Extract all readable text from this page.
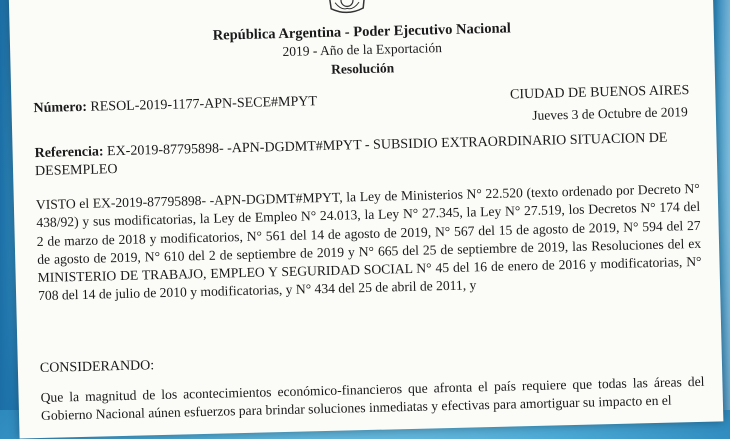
República Argentina - Poder Ejecutivo Nacional
2019 - Año de la Exportación
Resolución
Número: RESOL-2019-1177-APN-SECE#MPYT
CIUDAD DE BUENOS AIRES
Jueves 3 de Octubre de 2019
Referencia: EX-2019-87795898- -APN-DGDMT#MPYT - SUBSIDIO EXTRAORDINARIO SITUACION DE DESEMPLEO
VISTO el EX-2019-87795898- -APN-DGDMT#MPYT, la Ley de Ministerios N° 22.520 (texto ordenado por Decreto N° 438/92) y sus modificatorias, la Ley de Empleo N° 24.013, la Ley N° 27.345, la Ley N° 27.519, los Decretos N° 174 del 2 de marzo de 2018 y modificatorios, N° 561 del 14 de agosto de 2019, N° 567 del 15 de agosto de 2019, N° 594 del 27 de agosto de 2019, N° 610 del 2 de septiembre de 2019 y N° 665 del 25 de septiembre de 2019, las Resoluciones del ex MINISTERIO DE TRABAJO, EMPLEO Y SEGURIDAD SOCIAL N° 45 del 16 de enero de 2016 y modificatorias, N° 708 del 14 de julio de 2010 y modificatorias, y N° 434 del 25 de abril de 2011, y
CONSIDERANDO:
Que la magnitud de los acontecimientos económico-financieros que afronta el país requiere que todas las áreas del Gobierno Nacional aúnen esfuerzos para brindar soluciones inmediatas y efectivas para amortiguar su impacto en el
